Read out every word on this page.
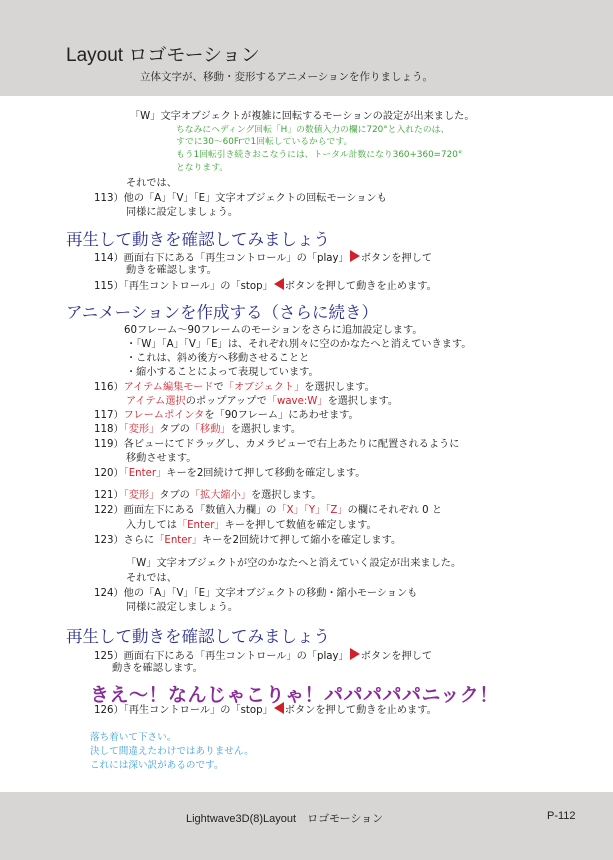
Layout ロゴモーション
立体文字が、移動・変形するアニメーションを作りましょう。
「W」文字オブジェクトが複雑に回転するモーションの設定が出来ました。
ちなみにヘディング回転「H」の数値入力の欄に720°と入れたのは、
すでに30～60Frで1回転しているからです。
もう1回転引き続きおこなうには、トータル計数になり360+360=720°
となります。
それでは、
113）他の「A」「V」「E」文字オブジェクトの回転モーションも
同様に設定しましょう。
再生して動きを確認してみましょう
114）画面右下にある「再生コントロール」の「play」 ボタンを押して
動きを確認します。
115）「再生コントロール」の「stop」 ボタンを押して動きを止めます。
アニメーションを作成する（さらに続き）
60フレーム～90フレームのモーションをさらに追加設定します。
・「W」「A」「V」「E」は、それぞれ別々に空のかなたへと消えていきます。
・これは、斜め後方へ移動させることと
・縮小することによって表現しています。
116）アイテム編集モードで「オブジェクト」を選択します。
アイテム選択のポップアップで「wave:W」を選択します。
117）フレームポインタを「90フレーム」にあわせます。
118）「変形」タブの「移動」を選択します。
119）各ビューにてドラッグし、カメラビューで右上あたりに配置されるように
移動させます。
120）「Enter」キーを2回続けて押して移動を確定します。
121）「変形」タブの「拡大縮小」を選択します。
122）画面左下にある「数値入力欄」の「X」「Y」「Z」の欄にそれぞれ 0 と
入力しては「Enter」キーを押して数値を確定します。
123）さらに「Enter」キーを2回続けて押して縮小を確定します。
「W」文字オブジェクトが空のかなたへと消えていく設定が出来ました。
それでは、
124）他の「A」「V」「E」文字オブジェクトの移動・縮小モーションも
同様に設定しましょう。
再生して動きを確認してみましょう
125）画面右下にある「再生コントロール」の「play」 ボタンを押して
動きを確認します。
きえ～！なんじゃこりゃ！パパパパパニック！
126）「再生コントロール」の「stop」 ボタンを押して動きを止めます。
落ち着いて下さい。
決して間違えたわけではありません。
これには深い訳があるのです。
Lightwave3D(8)Layout　ロゴモーション	P-112
